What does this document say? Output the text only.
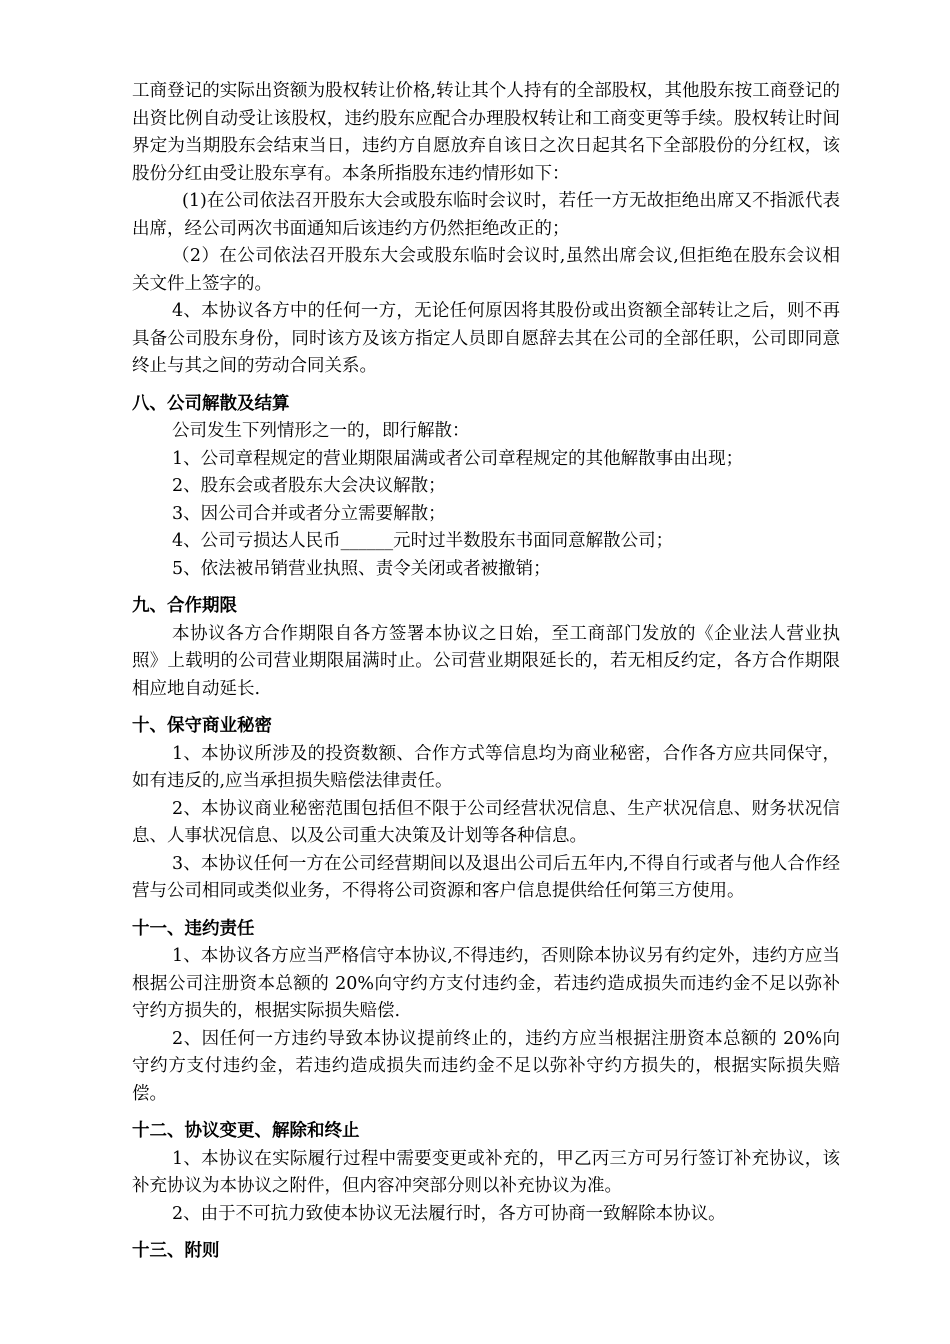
工商登记的实际出资额为股权转让价格,转让其个人持有的全部股权，其他股东按工商登记的出资比例自动受让该股权，违约股东应配合办理股权转让和工商变更等手续。股权转让时间界定为当期股东会结束当日，违约方自愿放弃自该日之次日起其名下全部股份的分红权，该股份分红由受让股东享有。本条所指股东违约情形如下：

(1)在公司依法召开股东大会或股东临时会议时，若任一方无故拒绝出席又不指派代表出席，经公司两次书面通知后该违约方仍然拒绝改正的；

（2）在公司依法召开股东大会或股东临时会议时,虽然出席会议,但拒绝在股东会议相关文件上签字的。

4、本协议各方中的任何一方，无论任何原因将其股份或出资额全部转让之后，则不再具备公司股东身份，同时该方及该方指定人员即自愿辞去其在公司的全部任职，公司即同意终止与其之间的劳动合同关系。

八、公司解散及结算

公司发生下列情形之一的，即行解散：

1、公司章程规定的营业期限届满或者公司章程规定的其他解散事由出现；

2、股东会或者股东大会决议解散；

3、因公司合并或者分立需要解散；

4、公司亏损达人民币______元时过半数股东书面同意解散公司；

5、依法被吊销营业执照、责令关闭或者被撤销；

九、合作期限

本协议各方合作期限自各方签署本协议之日始，至工商部门发放的《企业法人营业执照》上载明的公司营业期限届满时止。公司营业期限延长的，若无相反约定，各方合作期限相应地自动延长.

十、保守商业秘密

1、本协议所涉及的投资数额、合作方式等信息均为商业秘密，合作各方应共同保守，如有违反的,应当承担损失赔偿法律责任。

2、本协议商业秘密范围包括但不限于公司经营状况信息、生产状况信息、财务状况信息、人事状况信息、以及公司重大决策及计划等各种信息。

3、本协议任何一方在公司经营期间以及退出公司后五年内,不得自行或者与他人合作经营与公司相同或类似业务，不得将公司资源和客户信息提供给任何第三方使用。

十一、违约责任

1、本协议各方应当严格信守本协议,不得违约，否则除本协议另有约定外，违约方应当根据公司注册资本总额的 20%向守约方支付违约金，若违约造成损失而违约金不足以弥补守约方损失的，根据实际损失赔偿.

2、因任何一方违约导致本协议提前终止的，违约方应当根据注册资本总额的 20%向守约方支付违约金，若违约造成损失而违约金不足以弥补守约方损失的，根据实际损失赔偿。

十二、协议变更、解除和终止

1、本协议在实际履行过程中需要变更或补充的，甲乙丙三方可另行签订补充协议，该补充协议为本协议之附件，但内容冲突部分则以补充协议为准。

2、由于不可抗力致使本协议无法履行时，各方可协商一致解除本协议。

十三、附则
